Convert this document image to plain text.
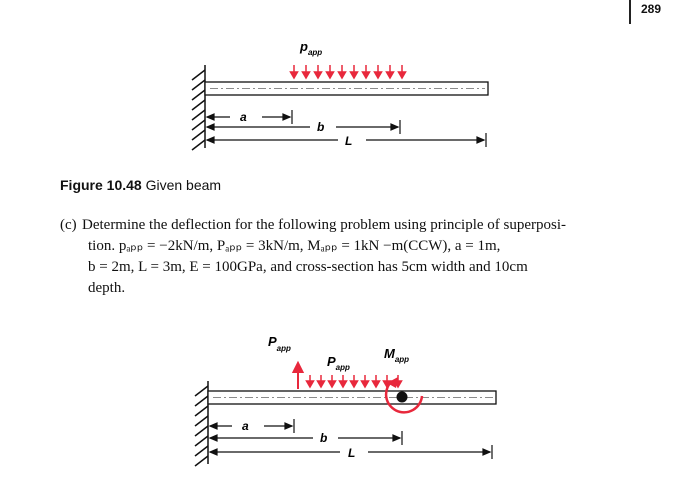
289
$p_{app}$
a
b
L
Figure 10.48 Given beam
(c) Determine the deflection for the following problem using principle of superposi-
tion. pₐₚₚ = −2kN/m, Pₐₚₚ = 3kN/m, Mₐₚₚ = 1kN −m(CCW), a = 1m,
b = 2m, L = 3m, E = 100GPa, and cross-section has 5cm width and 10cm
depth.
$P_{app}$
$P_{app}$
$M_{app}$
a
b
L
